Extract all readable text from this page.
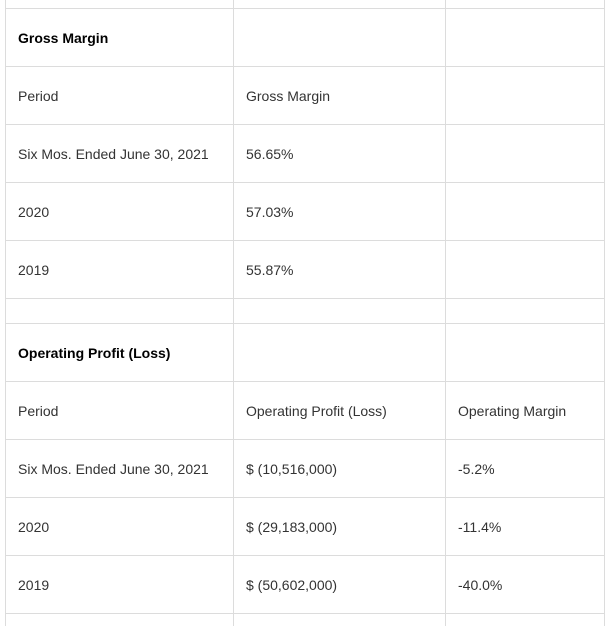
Gross Margin		
Period	Gross Margin	
Six Mos. Ended June 30, 2021	56.65%	
2020	57.03%	
2019	55.87%	

Operating Profit (Loss)		
Period	Operating Profit (Loss)	Operating Margin
Six Mos. Ended June 30, 2021	$ (10,516,000)	-5.2%
2020	$ (29,183,000)	-11.4%
2019	$ (50,602,000)	-40.0%
